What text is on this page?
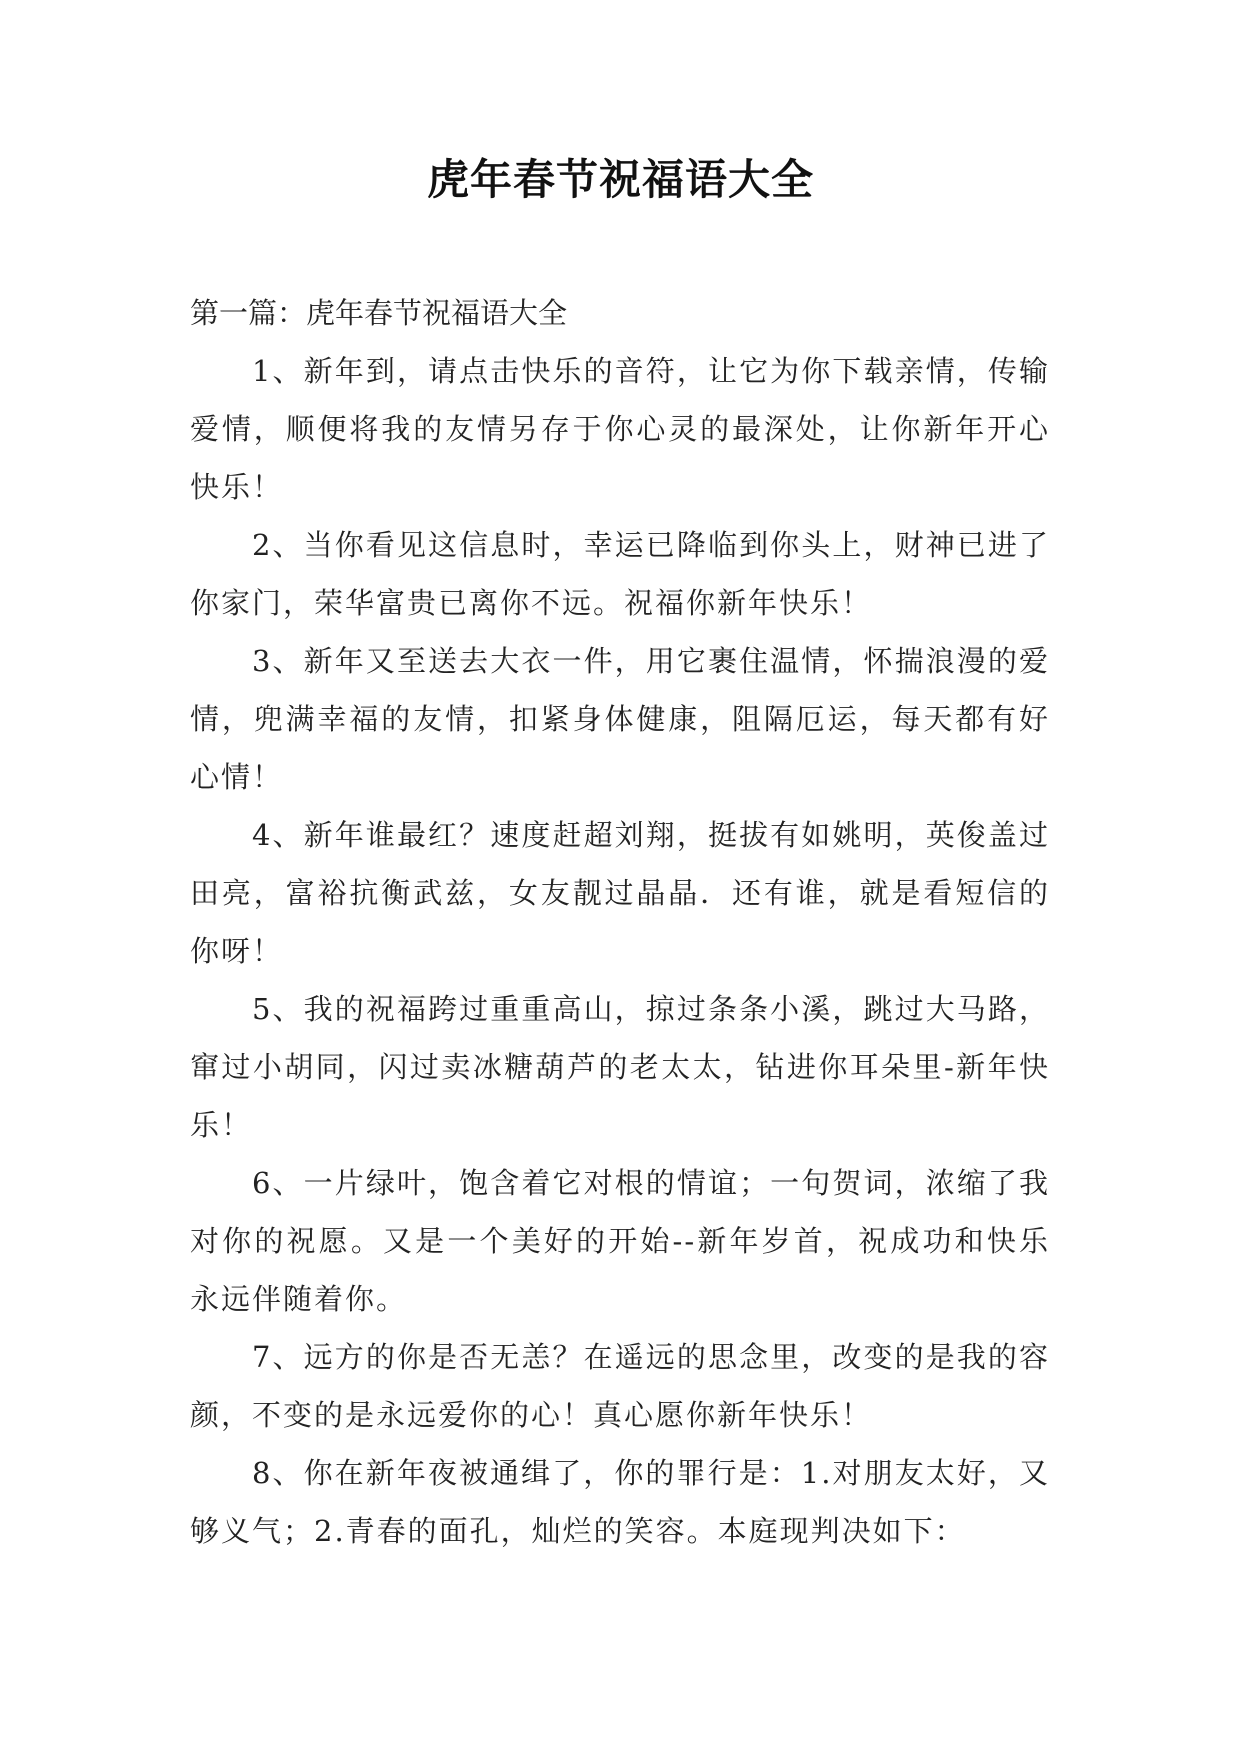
虎年春节祝福语大全

第一篇：虎年春节祝福语大全

1、新年到，请点击快乐的音符，让它为你下载亲情，传输爱情，顺便将我的友情另存于你心灵的最深处，让你新年开心快乐！

2、当你看见这信息时，幸运已降临到你头上，财神已进了你家门，荣华富贵已离你不远。祝福你新年快乐！

3、新年又至送去大衣一件，用它裹住温情，怀揣浪漫的爱情，兜满幸福的友情，扣紧身体健康，阻隔厄运，每天都有好心情！

4、新年谁最红？速度赶超刘翔，挺拔有如姚明，英俊盖过田亮，富裕抗衡武兹，女友靓过晶晶．还有谁，就是看短信的你呀！

5、我的祝福跨过重重高山，掠过条条小溪，跳过大马路，窜过小胡同，闪过卖冰糖葫芦的老太太，钻进你耳朵里-新年快乐！

6、一片绿叶，饱含着它对根的情谊；一句贺词，浓缩了我对你的祝愿。又是一个美好的开始--新年岁首，祝成功和快乐永远伴随着你。

7、远方的你是否无恙？在遥远的思念里，改变的是我的容颜，不变的是永远爱你的心！真心愿你新年快乐！

8、你在新年夜被通缉了，你的罪行是：1.对朋友太好，又够义气；2.青春的面孔，灿烂的笑容。本庭现判决如下：
